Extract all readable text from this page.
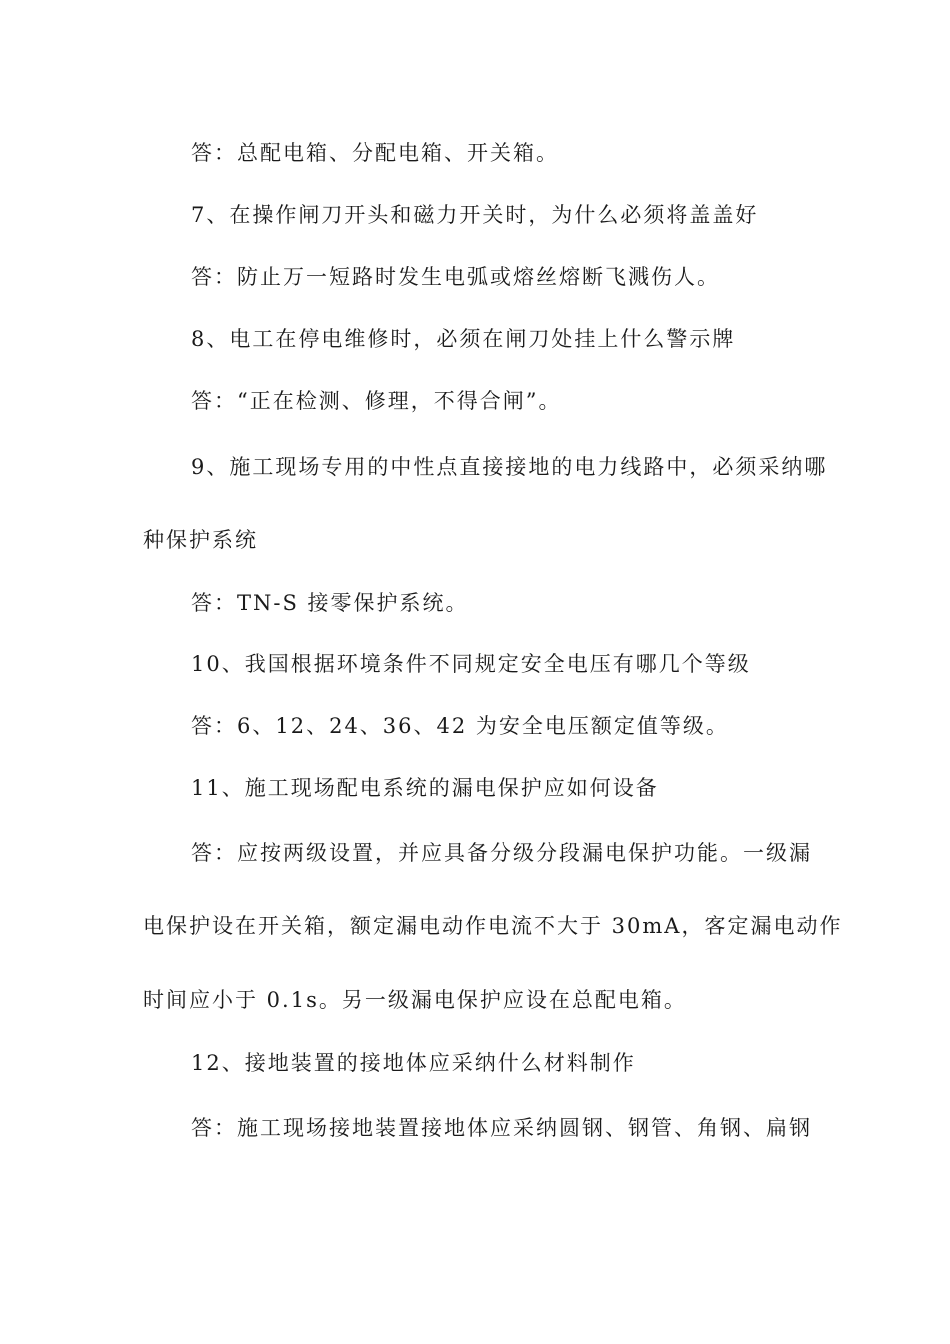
答：总配电箱、分配电箱、开关箱。
7、在操作闸刀开头和磁力开关时，为什么必须将盖盖好
答：防止万一短路时发生电弧或熔丝熔断飞溅伤人。
8、电工在停电维修时，必须在闸刀处挂上什么警示牌
答：“正在检测、修理，不得合闸”。
9、施工现场专用的中性点直接接地的电力线路中，必须采纳哪
种保护系统
答：TN-S 接零保护系统。
10、我国根据环境条件不同规定安全电压有哪几个等级
答：6、12、24、36、42 为安全电压额定值等级。
11、施工现场配电系统的漏电保护应如何设备
答：应按两级设置，并应具备分级分段漏电保护功能。一级漏
电保护设在开关箱，额定漏电动作电流不大于 30mA，客定漏电动作
时间应小于 0.1s。另一级漏电保护应设在总配电箱。
12、接地装置的接地体应采纳什么材料制作
答：施工现场接地装置接地体应采纳圆钢、钢管、角钢、扁钢
